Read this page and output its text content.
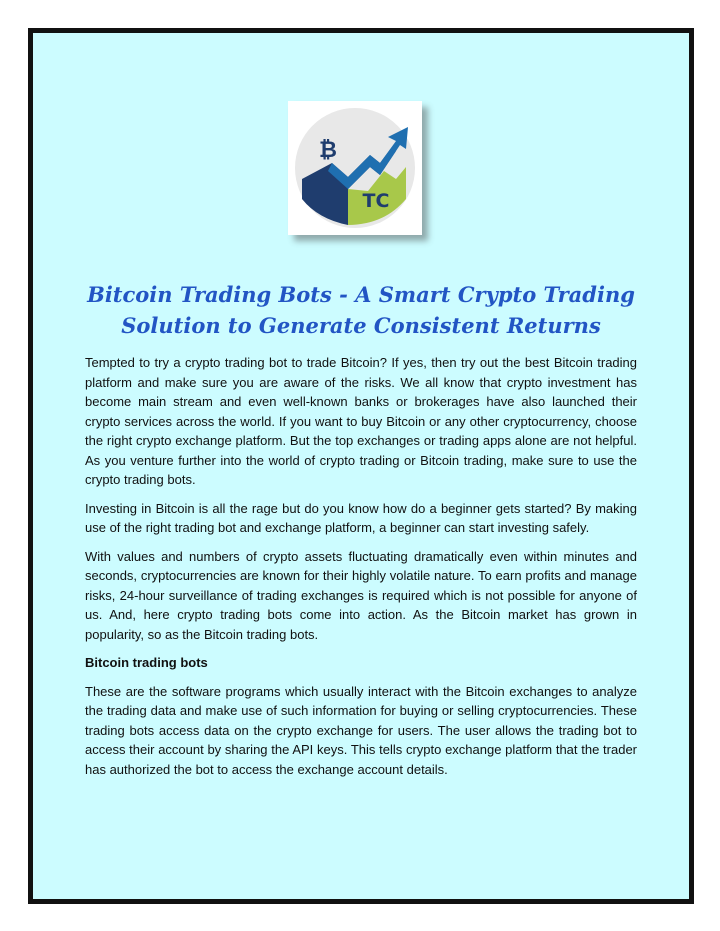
₿
TC
Bitcoin Trading Bots - A Smart Crypto Trading
Solution to Generate Consistent Returns

Tempted to try a crypto trading bot to trade Bitcoin? If yes, then try out the best Bitcoin trading platform and make sure you are aware of the risks. We all know that crypto investment has become main stream and even well-known banks or brokerages have also launched their crypto services across the world. If you want to buy Bitcoin or any other cryptocurrency, choose the right crypto exchange platform. But the top exchanges or trading apps alone are not helpful. As you venture further into the world of crypto trading or Bitcoin trading, make sure to use the crypto trading bots.

Investing in Bitcoin is all the rage but do you know how do a beginner gets started? By making use of the right trading bot and exchange platform, a beginner can start investing safely.

With values and numbers of crypto assets fluctuating dramatically even within minutes and seconds, cryptocurrencies are known for their highly volatile nature. To earn profits and manage risks, 24-hour surveillance of trading exchanges is required which is not possible for anyone of us. And, here crypto trading bots come into action. As the Bitcoin market has grown in popularity, so as the Bitcoin trading bots.

Bitcoin trading bots

These are the software programs which usually interact with the Bitcoin exchanges to analyze the trading data and make use of such information for buying or selling cryptocurrencies. These trading bots access data on the crypto exchange for users. The user allows the trading bot to access their account by sharing the API keys. This tells crypto exchange platform that the trader has authorized the bot to access the exchange account details.
